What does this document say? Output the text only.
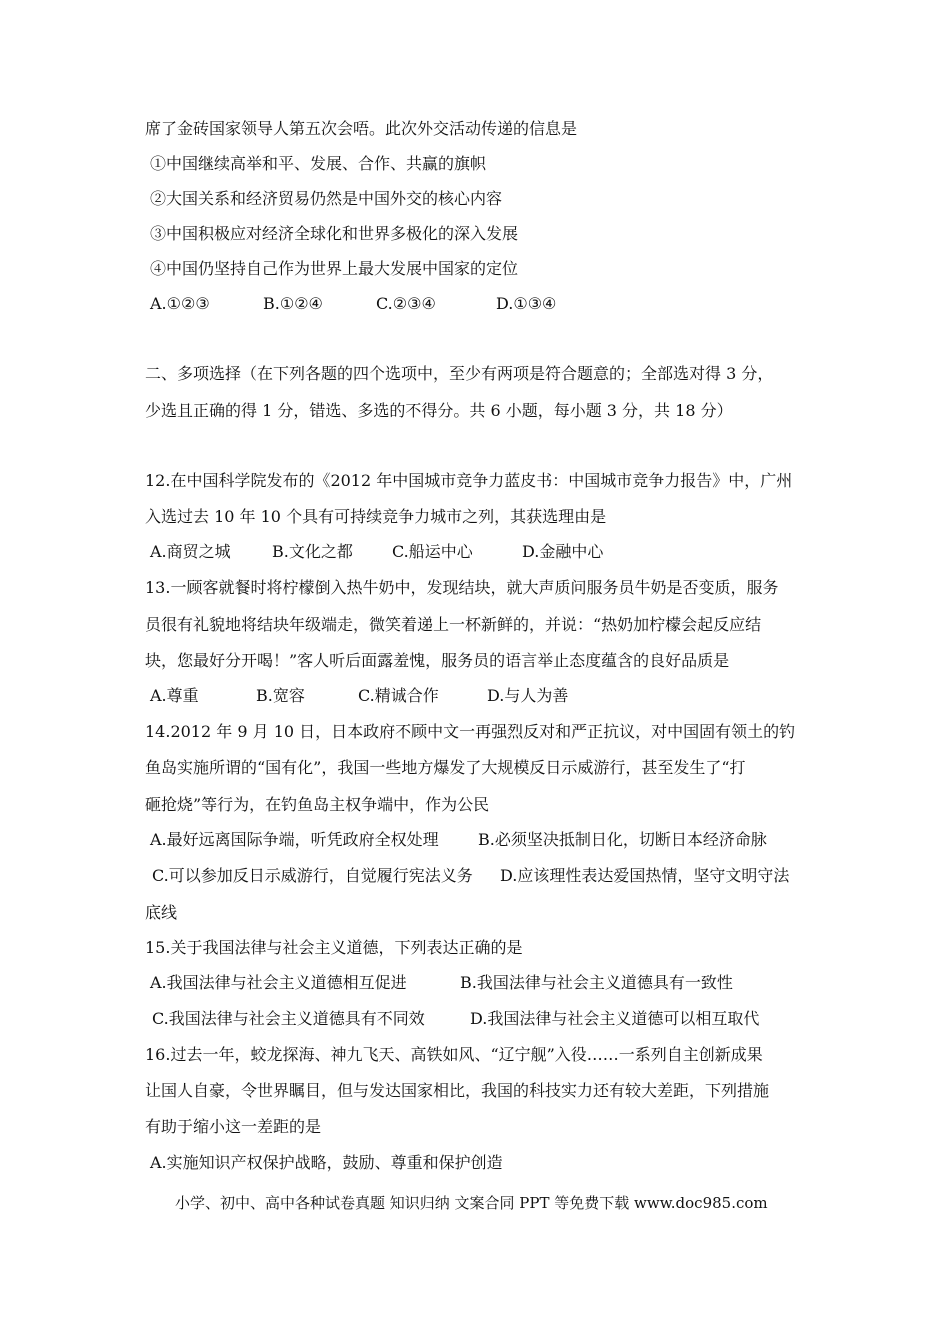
席了金砖国家领导人第五次会唔。此次外交活动传递的信息是
①中国继续高举和平、发展、合作、共赢的旗帜
②大国关系和经济贸易仍然是中国外交的核心内容
③中国积极应对经济全球化和世界多极化的深入发展
④中国仍坚持自己作为世界上最大发展中国家的定位
A.①②③	B.①②④	C.②③④	D.①③④
二、多项选择（在下列各题的四个选项中，至少有两项是符合题意的；全部选对得 3 分，
少选且正确的得 1 分，错选、多选的不得分。共 6 小题，每小题 3 分，共 18 分）
12.在中国科学院发布的《2012 年中国城市竞争力蓝皮书：中国城市竞争力报告》中，广州
入选过去 10 年 10 个具有可持续竞争力城市之列，其获选理由是
A.商贸之城	B.文化之都 C.船运中心	D.金融中心
13.一顾客就餐时将柠檬倒入热牛奶中，发现结块，就大声质问服务员牛奶是否变质，服务
员很有礼貌地将结块年级端走，微笑着递上一杯新鲜的，并说：“热奶加柠檬会起反应结
块，您最好分开喝！”客人听后面露羞愧，服务员的语言举止态度蕴含的良好品质是
A.尊重	B.宽容	C.精诚合作	D.与人为善
14.2012 年 9 月 10 日，日本政府不顾中文一再强烈反对和严正抗议，对中国固有领土的钓
鱼岛实施所谓的“国有化”，我国一些地方爆发了大规模反日示威游行，甚至发生了“打
砸抢烧”等行为，在钓鱼岛主权争端中，作为公民
A.最好远离国际争端，听凭政府全权处理 B.必须坚决抵制日化，切断日本经济命脉
C.可以参加反日示威游行，自觉履行宪法义务 D.应该理性表达爱国热情，坚守文明守法
底线
15.关于我国法律与社会主义道德，下列表达正确的是
A.我国法律与社会主义道德相互促进	B.我国法律与社会主义道德具有一致性
C.我国法律与社会主义道德具有不同效	D.我国法律与社会主义道德可以相互取代
16.过去一年，蛟龙探海、神九飞天、高铁如风、“辽宁舰”入役……一系列自主创新成果
让国人自豪，令世界瞩目，但与发达国家相比，我国的科技实力还有较大差距，下列措施
有助于缩小这一差距的是
A.实施知识产权保护战略，鼓励、尊重和保护创造
小学、初中、高中各种试卷真题 知识归纳 文案合同 PPT 等免费下载 www.doc985.com
